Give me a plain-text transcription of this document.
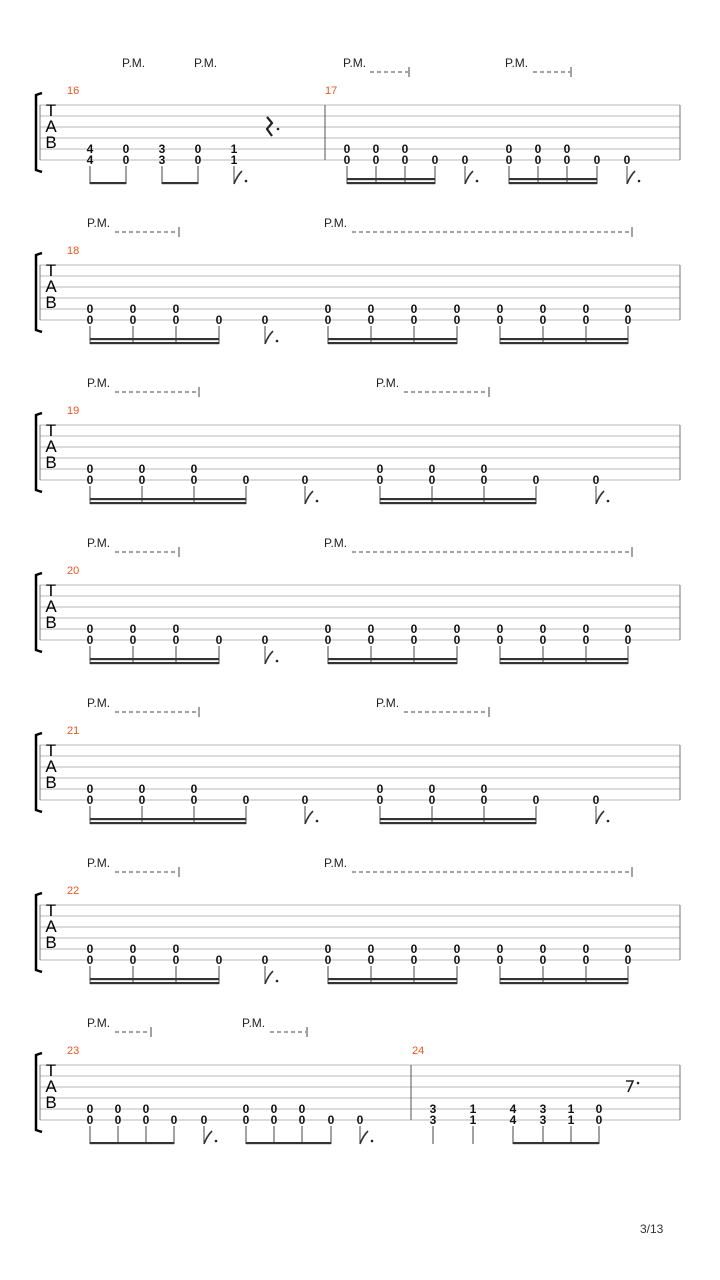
T
A
B
16	17
P.M.	P.M.	P.M.	P.M.
4
4
0
0
3
3
0
0
1
1
0
0
0
0
0
0 0 0
0
0
0
0
0
0 0 0
T
A
B
18
P.M.	P.M.
0
0
0
0
0
0	0	0
0
0
0
0
0
0
0
0
0
0
0
0
0
0
0
0
T
A
B
19
P.M.	P.M.
0
0
0
0
0
0	0	0
0
0
0
0
0
0	0	0
T
A
B
20
P.M.	P.M.
0
0
0
0
0
0	0	0
0
0
0
0
0
0
0
0
0
0
0
0
0
0
0
0
T
A
B
21
P.M.	P.M.
0
0
0
0
0
0	0	0
0
0
0
0
0
0	0	0
T
A
B
22
P.M.	P.M.
0
0
0
0
0
0	0	0
0
0
0
0
0
0
0
0
0
0
0
0
0
0
0
0
T
A
B
23	24
P.M.	P.M.
0
0
0
0
0
0 0 0
0
0
0
0
0
0 0 0
3
3
1
1
4
4
3
3
1
1
0
0
3/13
